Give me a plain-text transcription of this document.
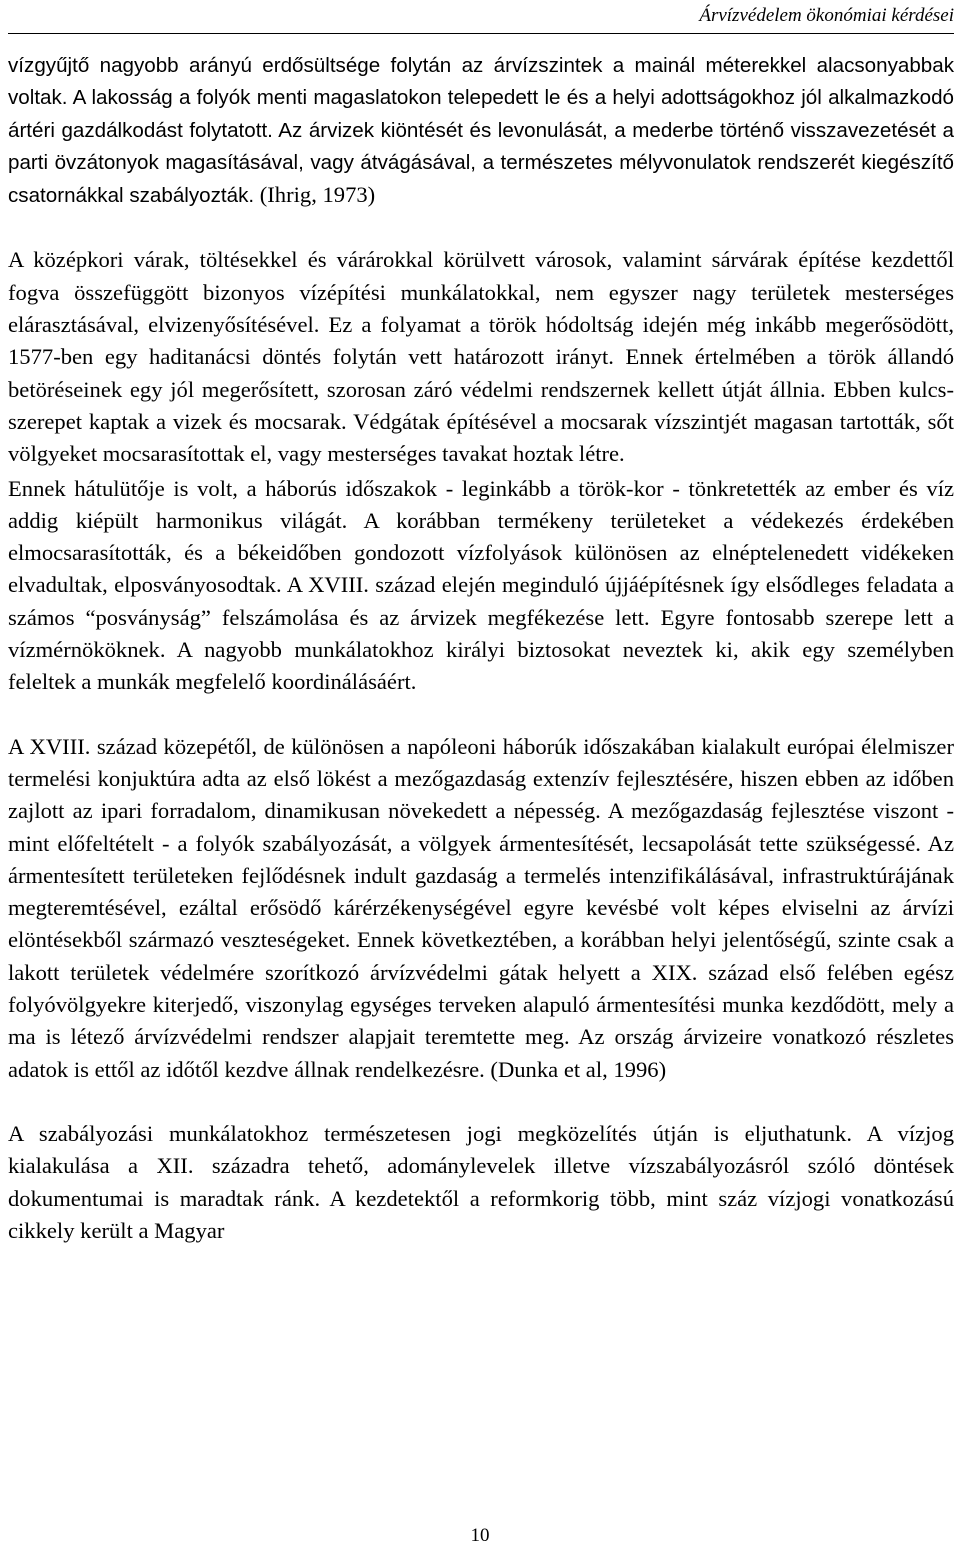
Árvízvédelem ökonómiai kérdései

vízgyűjtő nagyobb arányú erdősültsége folytán az árvízszintek a mainál méterekkel alacsonyabbak voltak. A lakosság a folyók menti magaslatokon telepedett le és a helyi adottságokhoz jól alkalmazkodó ártéri gazdálkodást folytatott. Az árvizek kiöntését és levonulását, a mederbe történő visszavezetését a parti övzátonyok magasításával, vagy átvágásával, a természetes mélyvonulatok rendszerét kiegészítő csatornákkal szabályozták. (Ihrig, 1973)

A középkori várak, töltésekkel és várárokkal körülvett városok, valamint sárvárak építése kezdettől fogva összefüggött bizonyos vízépítési munkálatokkal, nem egyszer nagy területek mesterséges elárasztásával, elvizenyősítésével. Ez a folyamat a török hódoltság idején még inkább megerősödött, 1577-ben egy haditanácsi döntés folytán vett határozott irányt. Ennek értelmében a török állandó betöréseinek egy jól megerősített, szorosan záró védelmi rendszernek kellett útját állnia. Ebben kulcs-szerepet kaptak a vizek és mocsarak. Védgátak építésével a mocsarak vízszintjét magasan tartották, sőt völgyeket mocsarasítottak el, vagy mesterséges tavakat hoztak létre.

Ennek hátulütője is volt, a háborús időszakok - leginkább a török-kor - tönkretették az ember és víz addig kiépült harmonikus világát. A korábban termékeny területeket a védekezés érdekében elmocsarasították, és a békeidőben gondozott vízfolyások különösen az elnéptelenedett vidékeken elvadultak, elposványosodtak. A XVIII. század elején meginduló újjáépítésnek így elsődleges feladata a számos “posványság” felszámolása és az árvizek megfékezése lett. Egyre fontosabb szerepe lett a vízmérnököknek. A nagyobb munkálatokhoz királyi biztosokat neveztek ki, akik egy személyben feleltek a munkák megfelelő koordinálásáért.

A XVIII. század közepétől, de különösen a napóleoni háborúk időszakában kialakult európai élelmiszer termelési konjuktúra adta az első lökést a mezőgazdaság extenzív fejlesztésére, hiszen ebben az időben zajlott az ipari forradalom, dinamikusan növekedett a népesség. A mezőgazdaság fejlesztése viszont - mint előfeltételt - a folyók szabályozását, a völgyek ármentesítését, lecsapolását tette szükségessé. Az ármentesített területeken fejlődésnek indult gazdaság a termelés intenzifikálásával, infrastruktúrájának megteremtésével, ezáltal erősödő kárérzékenységével egyre kevésbé volt képes elviselni az árvízi elöntésekből származó veszteségeket. Ennek következtében, a korábban helyi jelentőségű, szinte csak a lakott területek védelmére szorítkozó árvízvédelmi gátak helyett a XIX. század első felében egész folyóvölgyekre kiterjedő, viszonylag egységes terveken alapuló ármentesítési munka kezdődött, mely a ma is létező árvízvédelmi rendszer alapjait teremtette meg. Az ország árvizeire vonatkozó részletes adatok is ettől az időtől kezdve állnak rendelkezésre. (Dunka et al, 1996)

A szabályozási munkálatokhoz természetesen jogi megközelítés útján is eljuthatunk. A vízjog kialakulása a XII. századra tehető, adománylevelek illetve vízszabályozásról szóló döntések dokumentumai is maradtak ránk. A kezdetektől a reformkorig több, mint száz vízjogi vonatkozású cikkely került a Magyar

10
